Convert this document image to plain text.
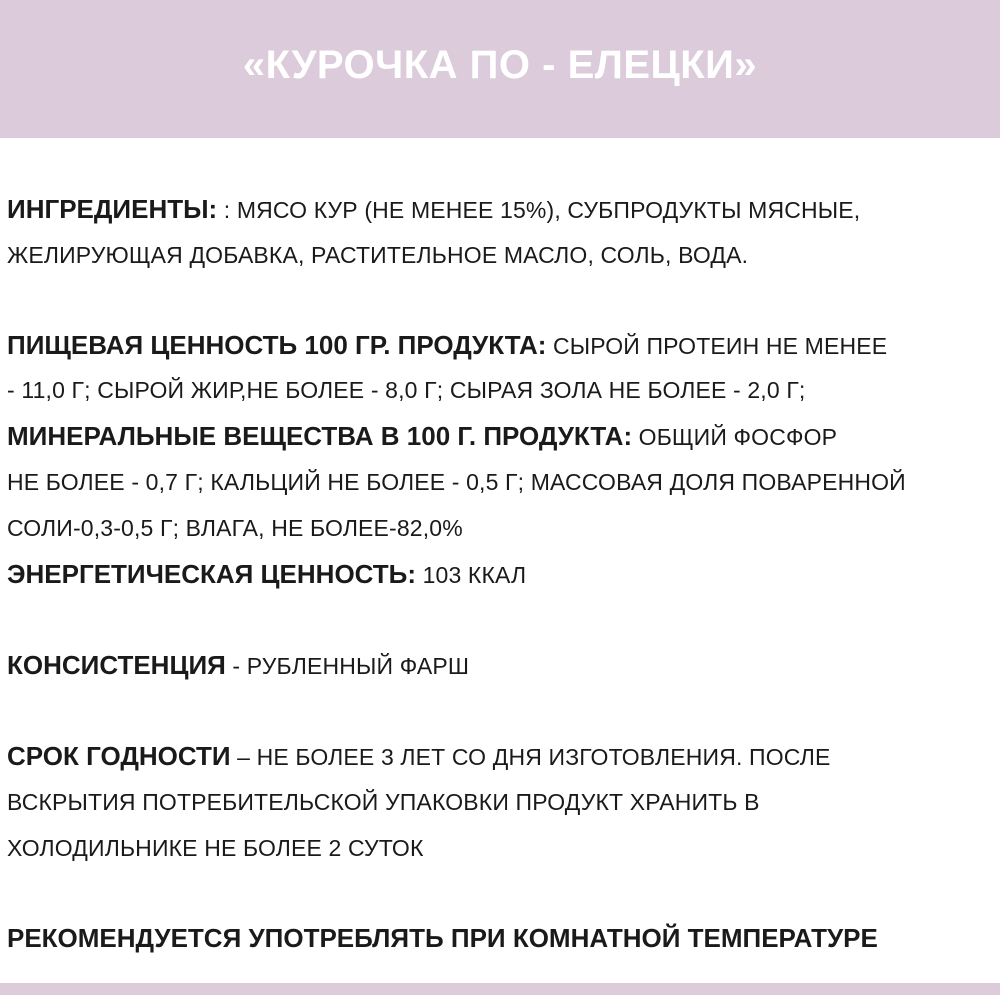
«КУРОЧКА ПО - ЕЛЕЦКИ»
ИНГРЕДИЕНТЫ: : МЯСО КУР (НЕ МЕНЕЕ 15%), СУБПРОДУКТЫ МЯСНЫЕ,
ЖЕЛИРУЮЩАЯ ДОБАВКА, РАСТИТЕЛЬНОЕ МАСЛО, СОЛЬ, ВОДА.
ПИЩЕВАЯ ЦЕННОСТЬ 100 ГР. ПРОДУКТА: СЫРОЙ ПРОТЕИН НЕ МЕНЕЕ
- 11,0 Г; СЫРОЙ ЖИР,НЕ БОЛЕЕ - 8,0 Г; СЫРАЯ ЗОЛА НЕ БОЛЕЕ - 2,0 Г;
МИНЕРАЛЬНЫЕ ВЕЩЕСТВА В 100 Г. ПРОДУКТА: ОБЩИЙ ФОСФОР
НЕ БОЛЕЕ - 0,7 Г; КАЛЬЦИЙ НЕ БОЛЕЕ - 0,5 Г; МАССОВАЯ ДОЛЯ ПОВАРЕННОЙ
СОЛИ-0,3-0,5 Г; ВЛАГА, НЕ БОЛЕЕ-82,0%
ЭНЕРГЕТИЧЕСКАЯ ЦЕННОСТЬ: 103 ККАЛ
КОНСИСТЕНЦИЯ - РУБЛЕННЫЙ ФАРШ
СРОК ГОДНОСТИ – НЕ БОЛЕЕ 3 ЛЕТ СО ДНЯ ИЗГОТОВЛЕНИЯ. ПОСЛЕ
ВСКРЫТИЯ ПОТРЕБИТЕЛЬСКОЙ УПАКОВКИ ПРОДУКТ ХРАНИТЬ В
ХОЛОДИЛЬНИКЕ НЕ БОЛЕЕ 2 СУТОК
РЕКОМЕНДУЕТСЯ УПОТРЕБЛЯТЬ ПРИ КОМНАТНОЙ ТЕМПЕРАТУРЕ
